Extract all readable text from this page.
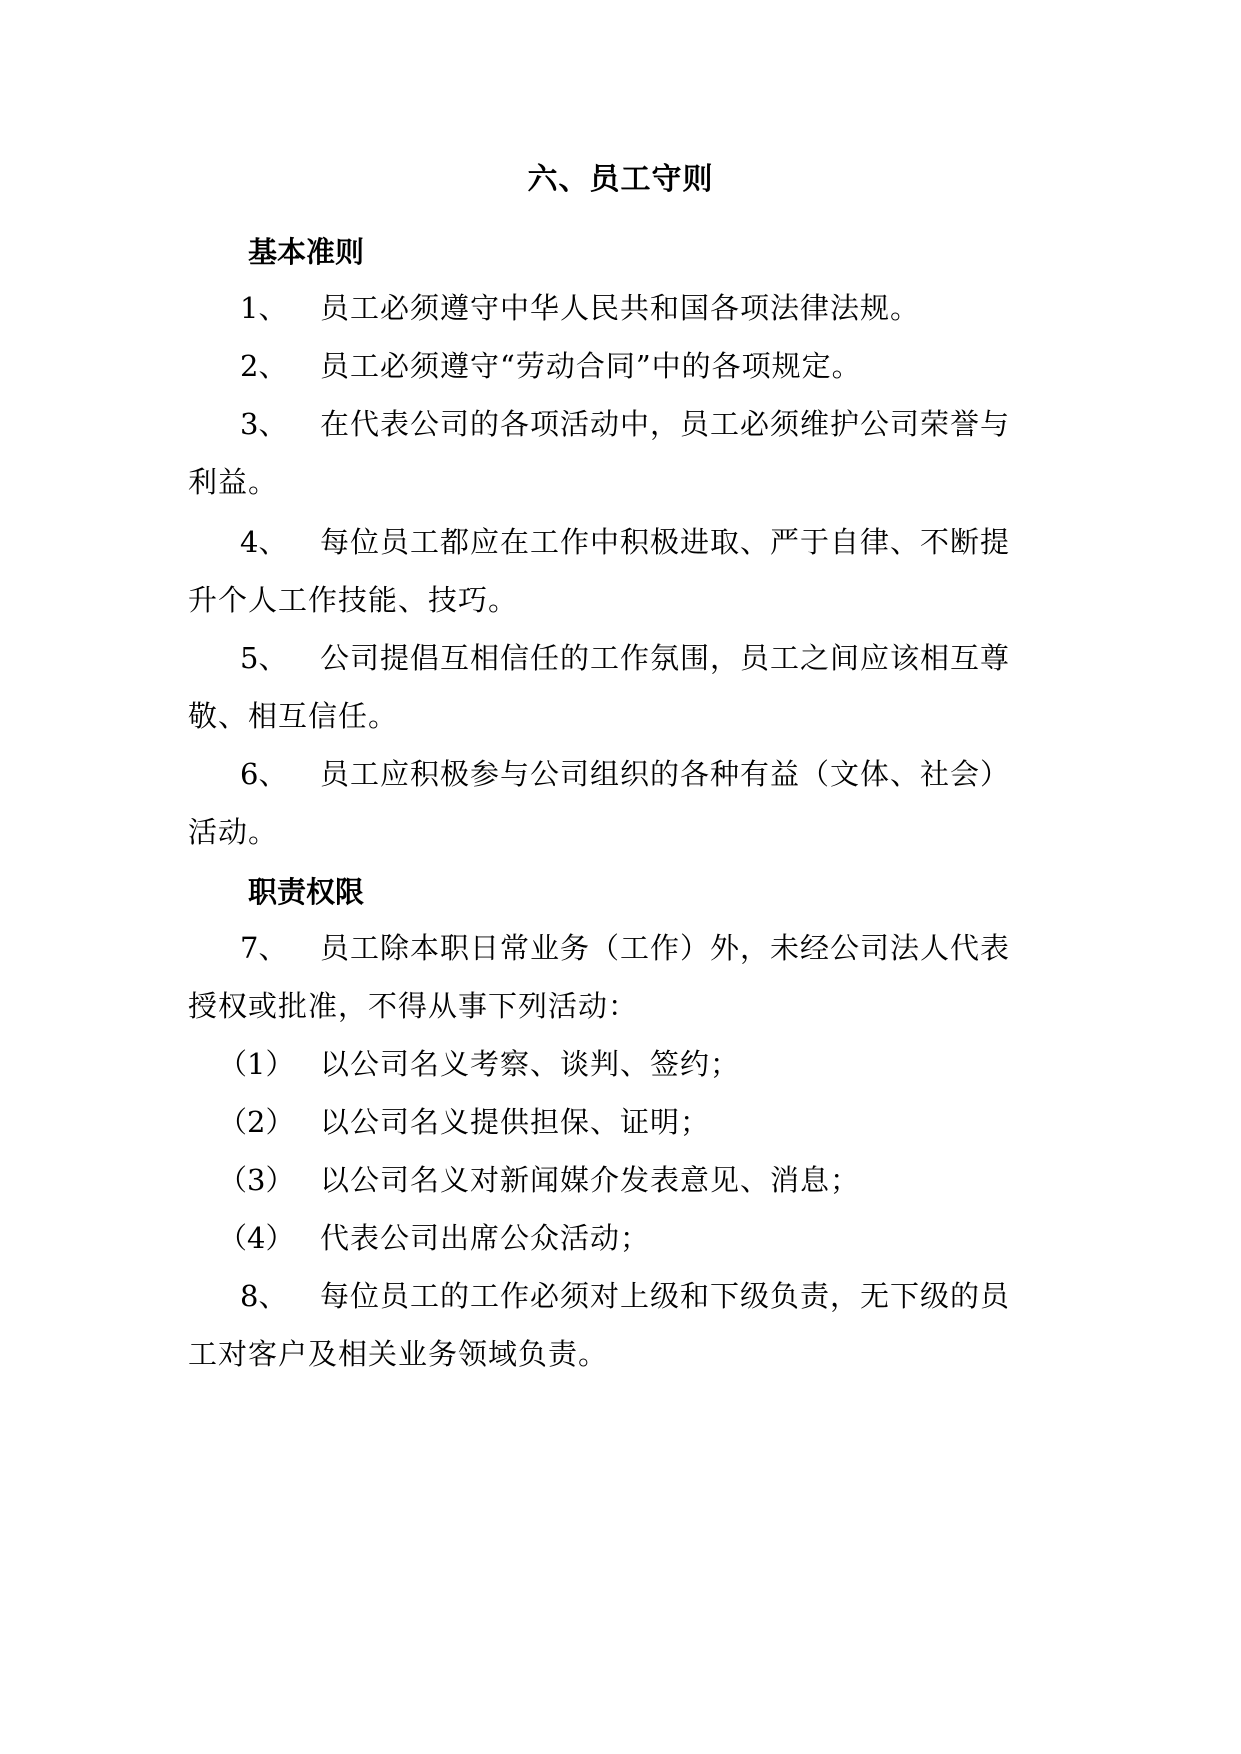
六、员工守则
基本准则
1、	员工必须遵守中华人民共和国各项法律法规。
2、	员工必须遵守“劳动合同”中的各项规定。
3、	在代表公司的各项活动中，员工必须维护公司荣誉与
利益。
4、	每位员工都应在工作中积极进取、严于自律、不断提
升个人工作技能、技巧。
5、	公司提倡互相信任的工作氛围，员工之间应该相互尊
敬、相互信任。
6、	员工应积极参与公司组织的各种有益（文体、社会）
活动。
职责权限
7、	员工除本职日常业务（工作）外，未经公司法人代表
授权或批准，不得从事下列活动：
（1） 以公司名义考察、谈判、签约；
（2） 以公司名义提供担保、证明；
（3） 以公司名义对新闻媒介发表意见、消息；
（4） 代表公司出席公众活动；
8、	每位员工的工作必须对上级和下级负责，无下级的员
工对客户及相关业务领域负责。
